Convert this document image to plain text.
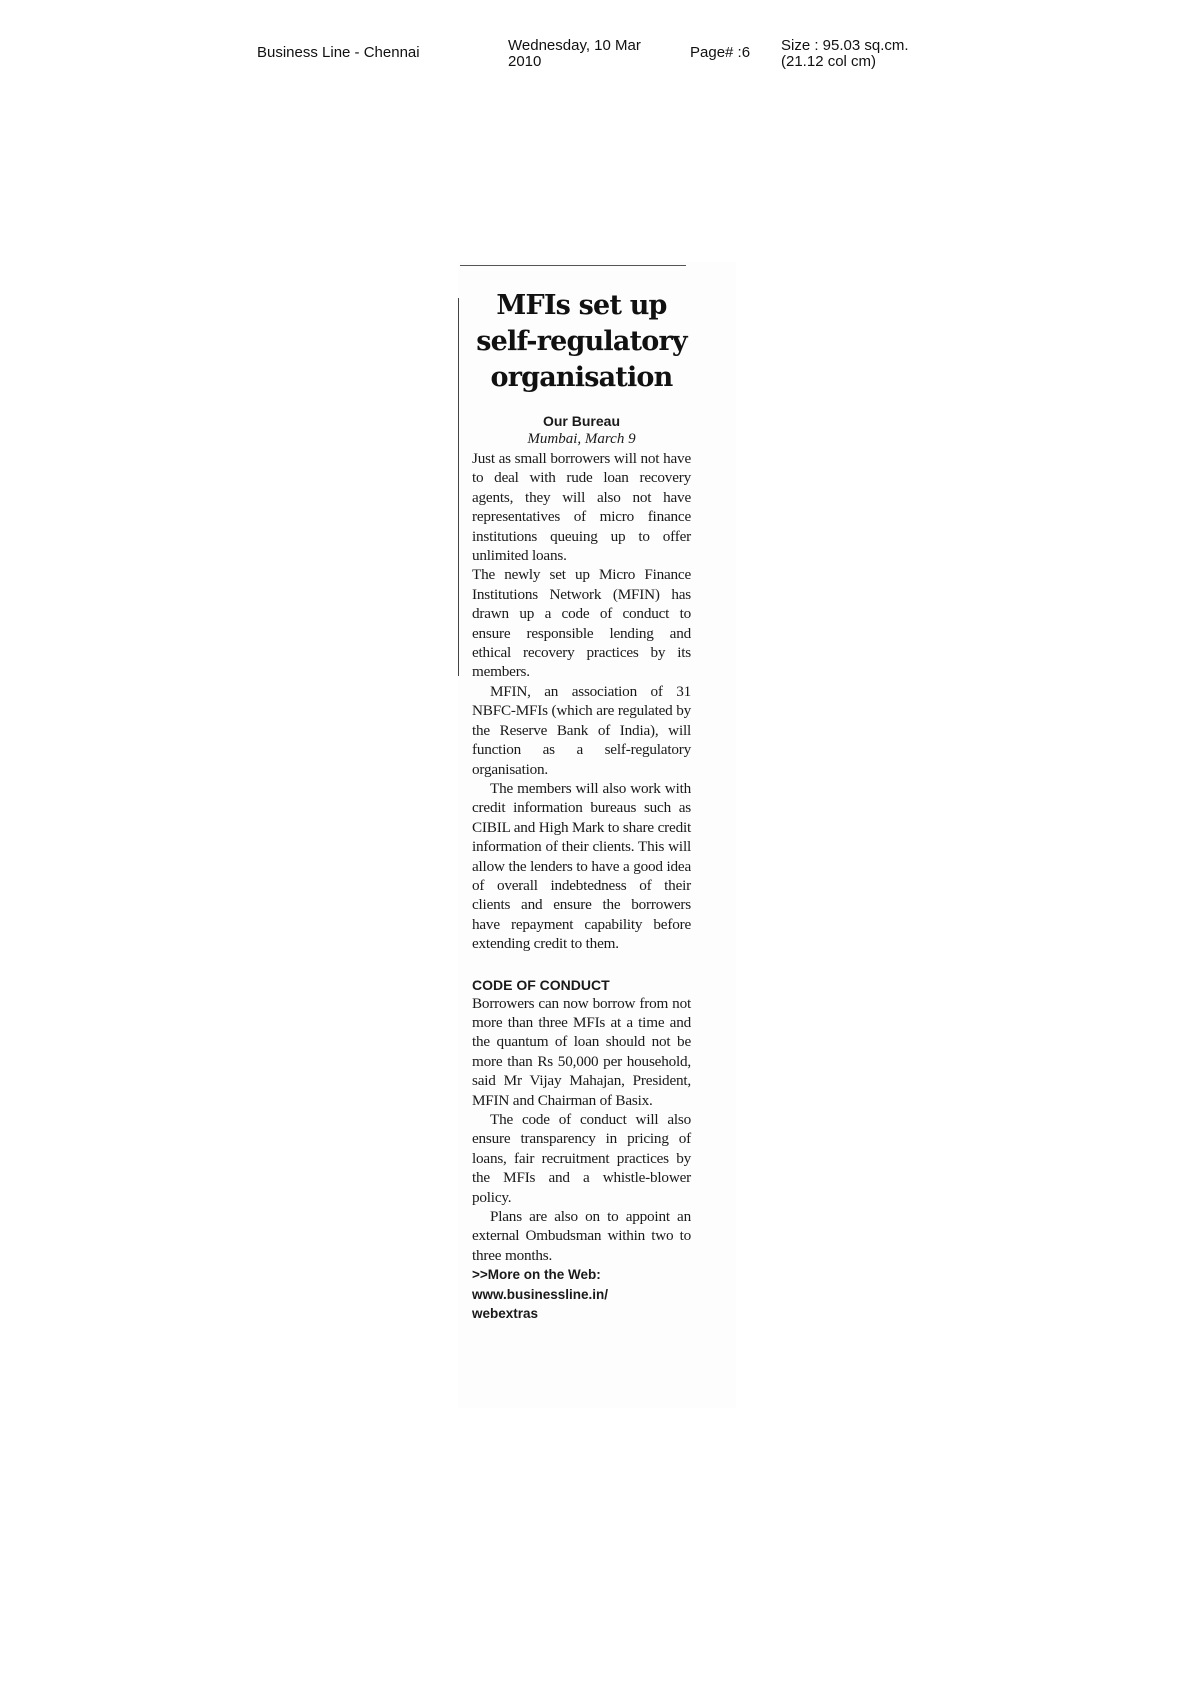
Business Line - Chennai	Wednesday, 10 Mar 2010
Page# :6 Size : 95.03 sq.cm. (21.12 col cm)
MFIs set up
self-regulatory
organisation
Our Bureau
Mumbai, March 9

Just as small borrowers will not have to deal with rude loan recovery agents, they will also not have representatives of micro finance institutions queuing up to offer unlimited loans.

The newly set up Micro Finance Institutions Network (MFIN) has drawn up a code of conduct to ensure responsible lending and ethical recovery practices by its members.

MFIN, an association of 31 NBFC-MFIs (which are regulated by the Reserve Bank of India), will function as a self-regulatory organisation.

The members will also work with credit information bureaus such as CIBIL and High Mark to share credit information of their clients. This will allow the lenders to have a good idea of overall indebtedness of their clients and ensure the borrowers have repayment capability before extending credit to them.

CODE OF CONDUCT

Borrowers can now borrow from not more than three MFIs at a time and the quantum of loan should not be more than Rs 50,000 per household, said Mr Vijay Mahajan, President, MFIN and Chairman of Basix.

The code of conduct will also ensure transparency in pricing of loans, fair recruitment practices by the MFIs and a whistle-blower policy.

Plans are also on to appoint an external Ombudsman within two to three months.

>>More on the Web:
www.businessline.in/
webextras
